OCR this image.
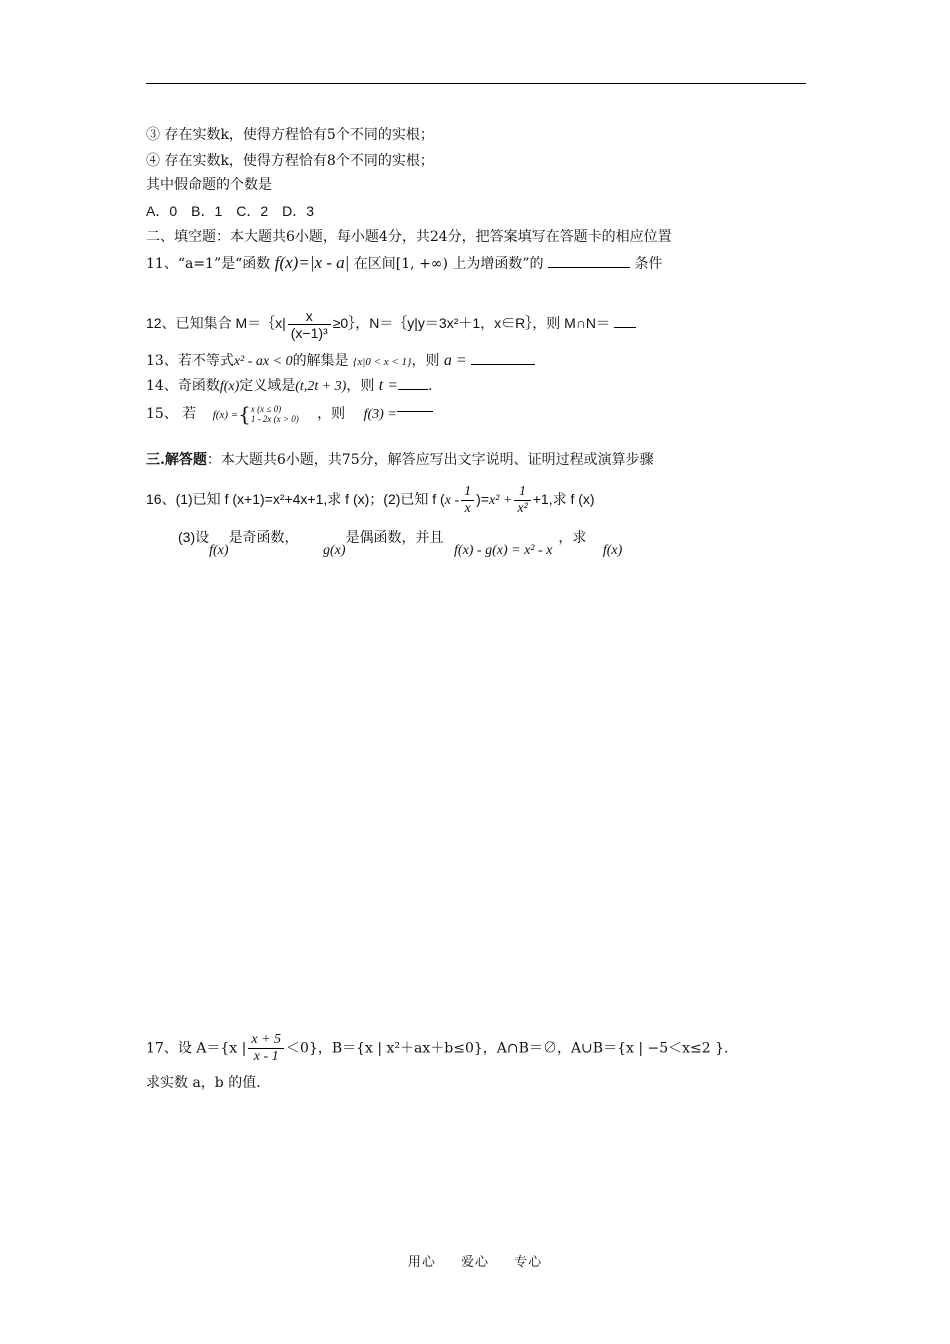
③ 存在实数k，使得方程恰有5个不同的实根；
④ 存在实数k，使得方程恰有8个不同的实根；
其中假命题的个数是
A．0　B．1　C．2　D．3
二、填空题：本大题共6小题，每小题4分，共24分，把答案填写在答题卡的相应位置
11、“a=1”是“函数 f(x)=|x - a| 在区间[1, +∞) 上为增函数”的	条件
12、已知集合 M＝｛x| $\frac{x}{\text{(x−1)³}}$ ≥0｝，N＝｛y|y＝3x²＋1，x∈R｝，则 M∩N＝
13、若不等式x² - ax < 0的解集是 {x|0 < x < 1}，则 a =
14、奇函数f(x)定义域是(t,2t + 3)，则 t = .
15、 若 f(x) ={ x (x ≤ 0)
1 - 2x (x > 0) ，则 f(3) =
三.解答题：本大题共6小题，共75分，解答应写出文字说明、证明过程或演算步骤
16、(1)已知 f (x+1)=x²+4x+1,求 f (x)；(2)已知 f $(x - \frac{1}{x} )=x^2 + \frac{1}{\text{x²}} +1$,求 f (x)
(3)设f(x)是奇函数， g(x)是偶函数，并且 f(x) - g(x) = x² - x，求 f(x)
17、设 A＝{x | $\frac{x + 5}{x - 1} <0$}，B＝{x | x²＋ax＋b≤0}，A∩B＝∅，A∪B＝{x | −5＜x≤2 }.
求实数 a，b 的值.
用心 爱心 专心
